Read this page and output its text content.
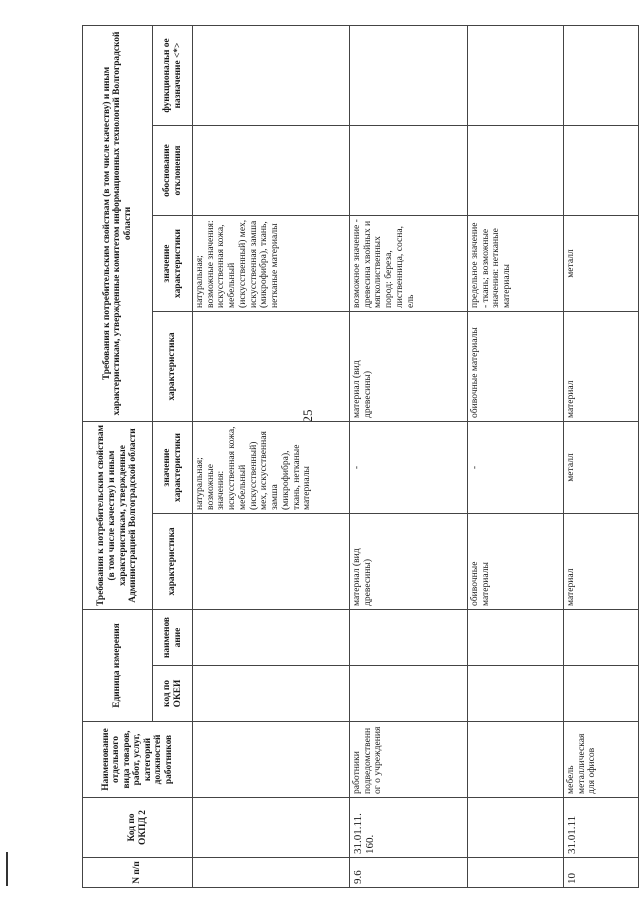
25
N п/п	Код по ОКПД 2	Наименование отдельного вида товаров, работ, услуг, категорий должностей работников	Единица измерения		Требования к потребительским свойствам (в том числе качеству) и иным характеристикам, утвержденные Администрацией Волгоградской области		Требования к потребительским свойствам (в том числе качеству) и иным характеристикам, утвержденные комитетом информационных технологий Волгоградской области			
			код по ОКЕИ	наименов ание	характеристика	значение характеристики	характеристика	значение характеристики	обоснование отклонения	функциональн ое назначение <*>
						натуральная; возможные значения: искусственная кожа, мебельный (искусственный) мех, искусственная замша (микрофибра), ткань, нетканые материалы		натуральная; возможные значения: искусственная кожа, мебельный (искусственный) мех, искусственная замша (микрофибра), ткань, нетканые материалы		
9.6	31.01.11. 160.	работники подведомственног о учреждения			материал (вид древесины)	-	материал (вид древесины)	возможное значение - древесина хвойных и мягколиственных пород: береза, лиственница, сосна, ель		
					обивочные материалы	-	обивочные материалы	предельное значение - ткань; возможные значения: нетканые материалы		
10	31.01.11	мебель металлическая для офисов			материал	металл	материал	металл		
